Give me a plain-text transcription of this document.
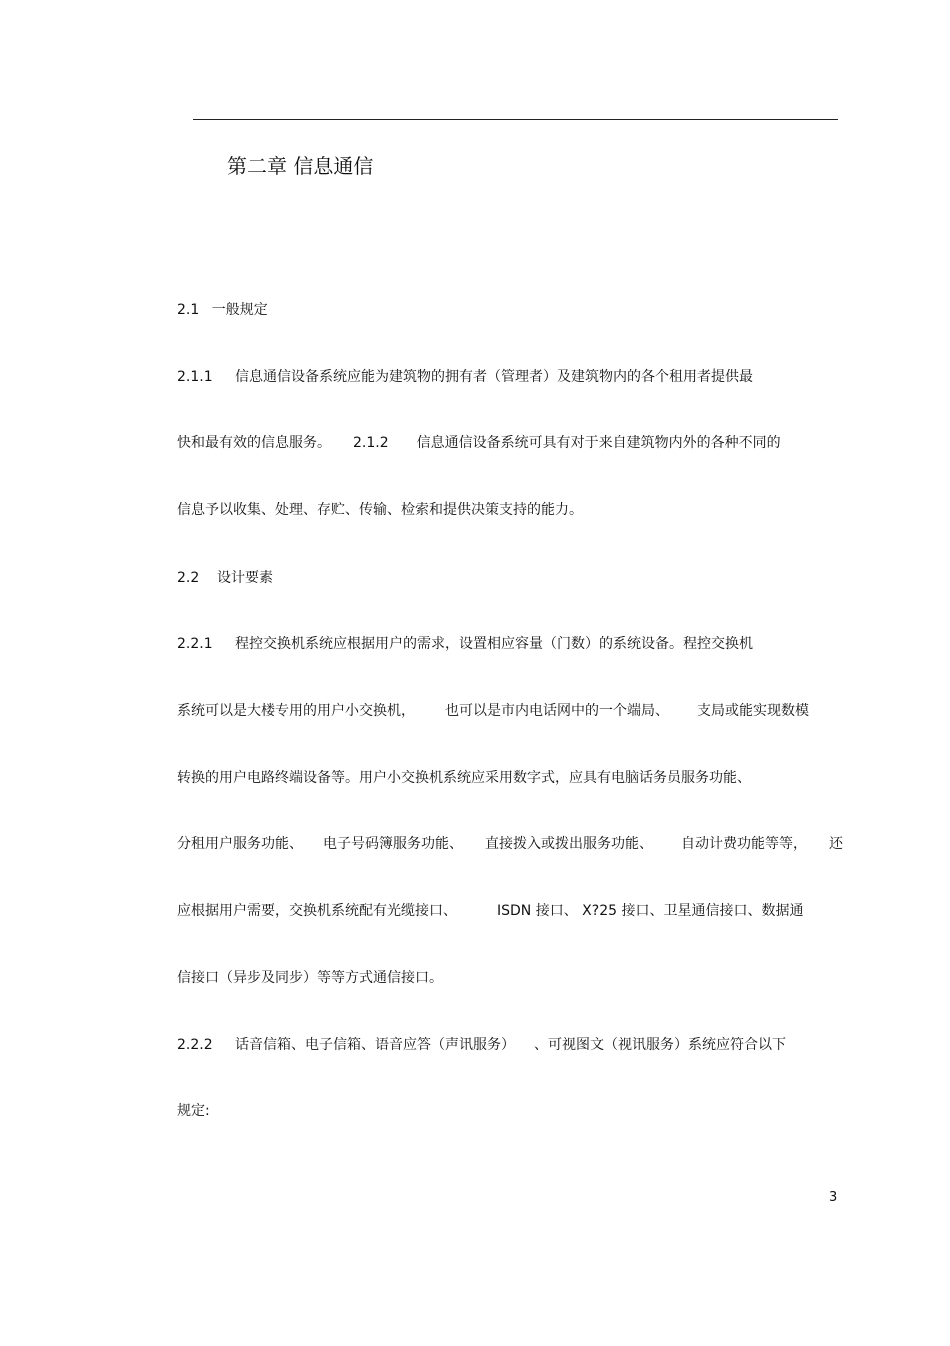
第二章 信息通信
2.1 一般规定
2.1.1 信息通信设备系统应能为建筑物的拥有者（管理者）及建筑物内的各个租用者提供最
快和最有效的信息服务。 2.1.2 信息通信设备系统可具有对于来自建筑物内外的各种不同的
信息予以收集、处理、存贮、传输、检索和提供决策支持的能力。
2.2 设计要素
2.2.1 程控交换机系统应根据用户的需求，设置相应容量（门数）的系统设备。程控交换机
系统可以是大楼专用的用户小交换机， 也可以是市内电话网中的一个端局、 支局或能实现数模
转换的用户电路终端设备等。用户小交换机系统应采用数字式，应具有电脑话务员服务功能、
分租用户服务功能、 电子号码簿服务功能、 直接拨入或拨出服务功能、 自动计费功能等等， 还
应根据用户需要，交换机系统配有光缆接口、	ISDN 接口、 X?25 接口、卫星通信接口、数据通
信接口（异步及同步）等等方式通信接口。
2.2.2 话音信箱、电子信箱、语音应答（声讯服务） 、可视图文（视讯服务）系统应符合以下
规定:
3
